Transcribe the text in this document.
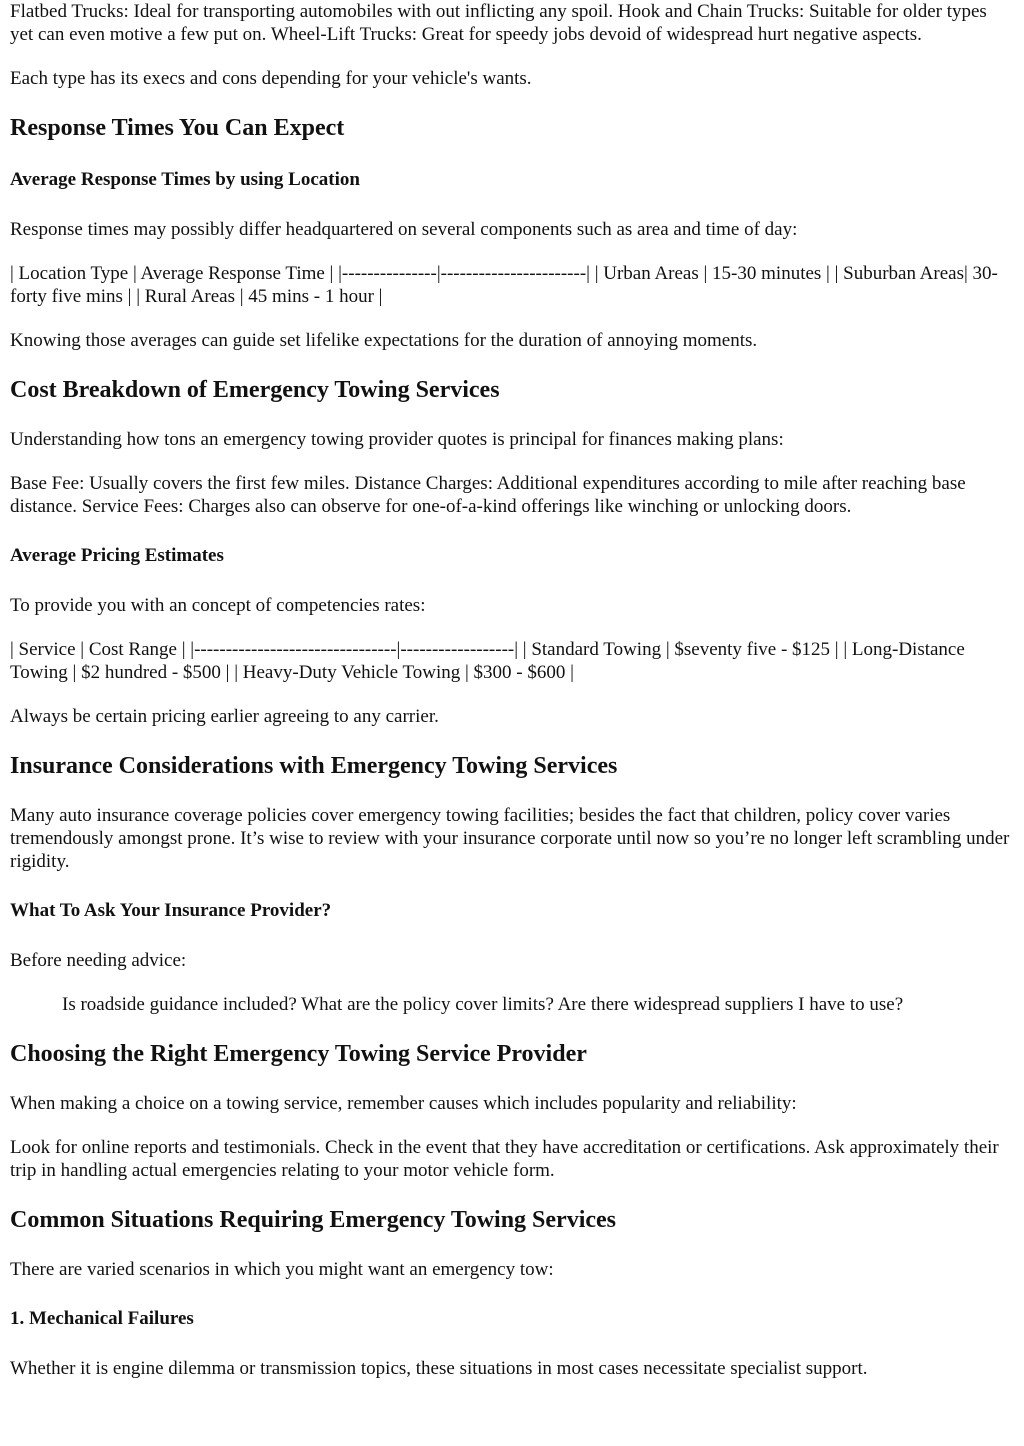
Flatbed Trucks: Ideal for transporting automobiles with out inflicting any spoil. Hook and Chain Trucks: Suitable for older types yet can even motive a few put on. Wheel-Lift Trucks: Great for speedy jobs devoid of widespread hurt negative aspects.

Each type has its execs and cons depending for your vehicle's wants.

Response Times You Can Expect
Average Response Times by using Location

Response times may possibly differ headquartered on several components such as area and time of day:

| Location Type | Average Response Time | |---------------|-----------------------| | Urban Areas | 15-30 minutes | | Suburban Areas| 30-forty five mins | | Rural Areas | 45 mins - 1 hour |

Knowing those averages can guide set lifelike expectations for the duration of annoying moments.

Cost Breakdown of Emergency Towing Services

Understanding how tons an emergency towing provider quotes is principal for finances making plans:

Base Fee: Usually covers the first few miles. Distance Charges: Additional expenditures according to mile after reaching base distance. Service Fees: Charges also can observe for one-of-a-kind offerings like winching or unlocking doors.

Average Pricing Estimates

To provide you with an concept of competencies rates:

| Service | Cost Range | |--------------------------------|------------------| | Standard Towing | $seventy five - $125 | | Long-Distance Towing | $2 hundred - $500 | | Heavy-Duty Vehicle Towing | $300 - $600 |

Always be certain pricing earlier agreeing to any carrier.

Insurance Considerations with Emergency Towing Services

Many auto insurance coverage policies cover emergency towing facilities; besides the fact that children, policy cover varies tremendously amongst prone. It’s wise to review with your insurance corporate until now so you’re no longer left scrambling under rigidity.

What To Ask Your Insurance Provider?

Before needing advice:

Is roadside guidance included? What are the policy cover limits? Are there widespread suppliers I have to use?

Choosing the Right Emergency Towing Service Provider

When making a choice on a towing service, remember causes which includes popularity and reliability:

Look for online reports and testimonials. Check in the event that they have accreditation or certifications. Ask approximately their trip in handling actual emergencies relating to your motor vehicle form.

Common Situations Requiring Emergency Towing Services

There are varied scenarios in which you might want an emergency tow:

1. Mechanical Failures

Whether it is engine dilemma or transmission topics, these situations in most cases necessitate specialist support.
